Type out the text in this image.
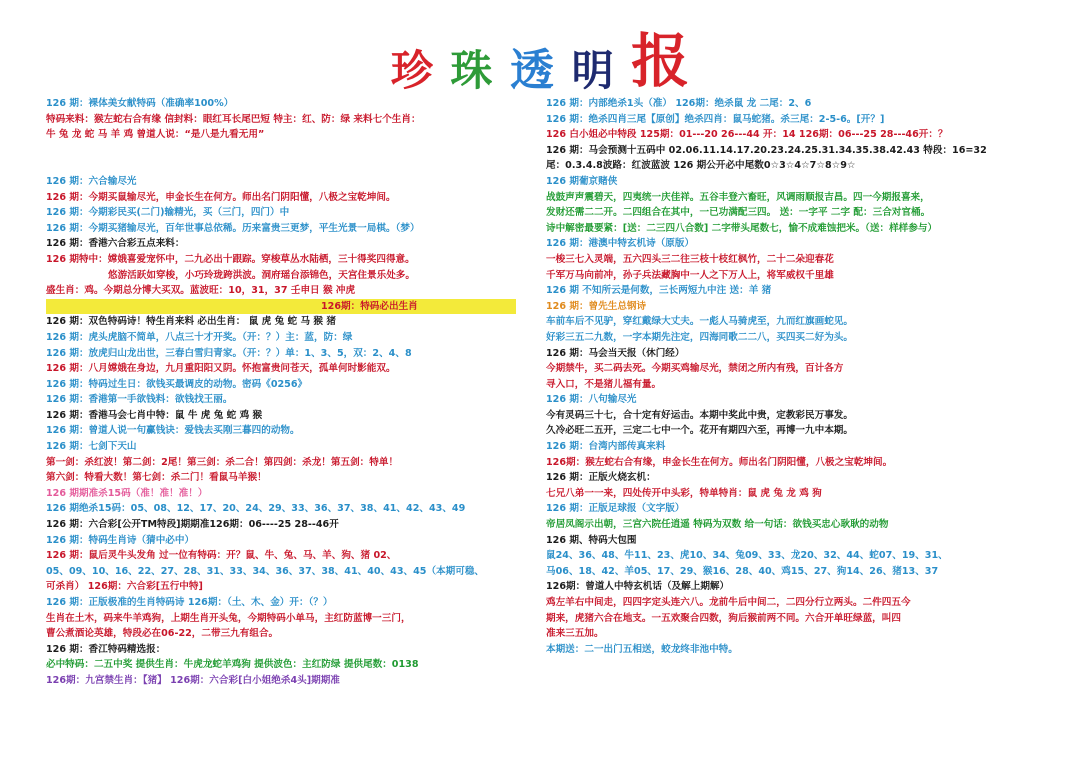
珍 珠 透 明 报
126 期：裸体美女献特码（准确率100%）
特码来料：猴左蛇右合有缘 信封料：眼红耳长尾巴短 特主：红、防：绿 来料七个生肖：
牛 兔 龙 蛇 马 羊 鸡 曾道人说：“是八是九看无用”
126 期：六合输尽光
126 期：今期买鼠输尽光，申金长生在何方。师出名门阴阳懂，八极之宝乾坤间。
126 期：今期彩民买(二门)输精光，买（三门，四门）中
126 期：今期买猪输尽光，百年世事总依稀。历来富贵三更梦，平生光景一局棋。（梦）
126 期：香港六合彩五点来料：
126 期特中：嫦娥喜爱宠怀中，二九必出十跟踪。穿梭草丛水陆栖，三十得奖四得意。
悠游活跃如穿梭，小巧玲珑跨洪波。洞府瑶台添锦色，天宫住景乐处多。
盛生肖：鸡。今期总分博大买双。蓝波旺：10，31，37 壬申日 猴 冲虎
126期：特码必出生肖
126 期：双色特码诗！特生肖来料 必出生肖： 鼠 虎 兔 蛇 马 猴 猪
126 期：虎头虎脑不简单，八点三十才开奖。（开：？）主：蓝，防：绿
126 期：放虎归山龙出世，三春白雪归青家。（开：？）单：1、3、5，双：2、4、8
126 期：八月嫦娥在身边，九月重阳阳又阴。怀抱富贵问苍天，孤单何时影能双。
126 期：特码过生日：欲钱买最调皮的动物。密码《0256》
126 期：香港第一手欲钱料：欲钱找王丽。
126 期：香港马会七肖中特：鼠 牛 虎 兔 蛇 鸡 猴
126 期：曾道人说一句赢钱诀：爱钱去买刚三暮四的动物。
126 期：七剑下天山
第一剑：杀红波！第二剑：2尾！第三剑：杀二合！第四剑：杀龙！第五剑：特单！
第六剑：特看大数！第七剑：杀二门！看鼠马羊猴！
126 期期准杀15码（准！准！准！）
126 期绝杀15码：05、08、12、17、20、24、29、33、36、37、38、41、42、43、49
126 期：六合彩[公开TM特段]期期准126期：06----25 28--46开
126 期：特码生肖诗（猜中必中）
126 期：鼠后灵牛头发角 过一位有特码：开？鼠、牛、兔、马、羊、狗、猪 02、
05、09、10、16、22、27、28、31、33、34、36、37、38、41、40、43、45（本期可稳、
可杀肖） 126期：六合彩[五行中特]
126 期：正版极准的生肖特码诗 126期：（土、木、金）开：（？）
生肖在土木，码来牛羊鸡狗，上期生肖开头兔，今期特码小单马，主红防蓝博一三门，
曹公煮酒论英雄，特段必在06-22，二带三九有组合。
126 期：香江特码精选报：
必中特码：二五中奖 提供生肖：牛虎龙蛇羊鸡狗 提供波色：主红防绿 提供尾数：0138
126期：九宫禁生肖：【猪】 126期：六合彩[白小姐绝杀4头]期期准
126 期：内部绝杀1头（准） 126期：绝杀鼠 龙 二尾：2、6
126 期：绝杀四肖三尾【原创】绝杀四肖：鼠马蛇猪。杀三尾：2-5-6。[开？]
126 白小姐必中特段 125期：01---20 26---44 开：14 126期：06---25 28---46开：？
126 期：马会预测十五码中 02.06.11.14.17.20.23.24.25.31.34.35.38.42.43 特段：16=32
尾：0.3.4.8波路：红波蓝波 126 期公开必中尾数0☆3☆4☆7☆8☆9☆
126 期葡京赌侠
战鼓声声震碧天，四夷统一庆佳祥。五谷丰登六畜旺，风调雨顺报吉昌。四一今期报喜来，
发财还需二二开。二四组合在其中，一已功满配三四。 送：一字平 二字 配：三合对官桶。
诗中解密最要紧：[送：二三四八合数] 二字带头尾数七，愉不成难蚀把米。（送：样样参与）
126 期：港澳中特玄机诗（原版）
一梭三七入灵端，五六四头三二往三枝十枝红枫竹，二十二朵迎春花
千军万马向前冲，孙子兵法藏胸中一人之下万人上，将军威权千里雄
126 期 不知所云是何数，三长两短九中注 送：羊 猪
126 期：曾先生总钢诗
车前车后不见驴，穿红戴绿大丈夫。一彪人马骑虎至，九而红旗画蛇见。
好彩三五二九数，一字本期先注定，四海同歌二二八，买四买二好为头。
126 期：马会当天报（休门经）
今期禁牛，买二码去死。今期买鸡输尽光，禁闭之所内有残，百计各方
寻入口，不是猪儿福有量。
126 期：八句输尽光
今有灵码三十七，合十定有好运击。本期中奖此中贵，定教彩民万事发。
久冷必旺二五开，三定二七中一个。花开有期四六至，再博一九中本期。
126 期：台湾内部传真来料
126期：猴左蛇右合有缘，申金长生在何方。师出名门阴阳懂，八极之宝乾坤间。
126 期：正版火烧玄机：
七兄八弟一一来，四处传开中头彩，特单特肖：鼠 虎 兔 龙 鸡 狗
126 期：正版足球报（文字版）
帝居凤阁示出朝，三宫六院任逍遥 特码为双数 给一句话：欲钱买忠心耿耿的动物
126 期、特码大包围
鼠24、36、48、牛11、23、虎10、34、兔09、33、龙20、32、44、蛇07、19、31、
马06、18、42、羊05、17、29、猴16、28、40、鸡15、27、狗14、26、猪13、37
126期：曾道人中特玄机话（及解上期解）
鸡左羊右中间走，四四字定头连六八。龙前牛后中间二，二四分行立两头。二件四五今
期来，虎猪六合在地支。一五欢聚合四数，狗后猴前两不同。六合开单旺绿蓝，叫四
准来三五加。
本期送：二一出门五相送，蛟龙终非池中特。
